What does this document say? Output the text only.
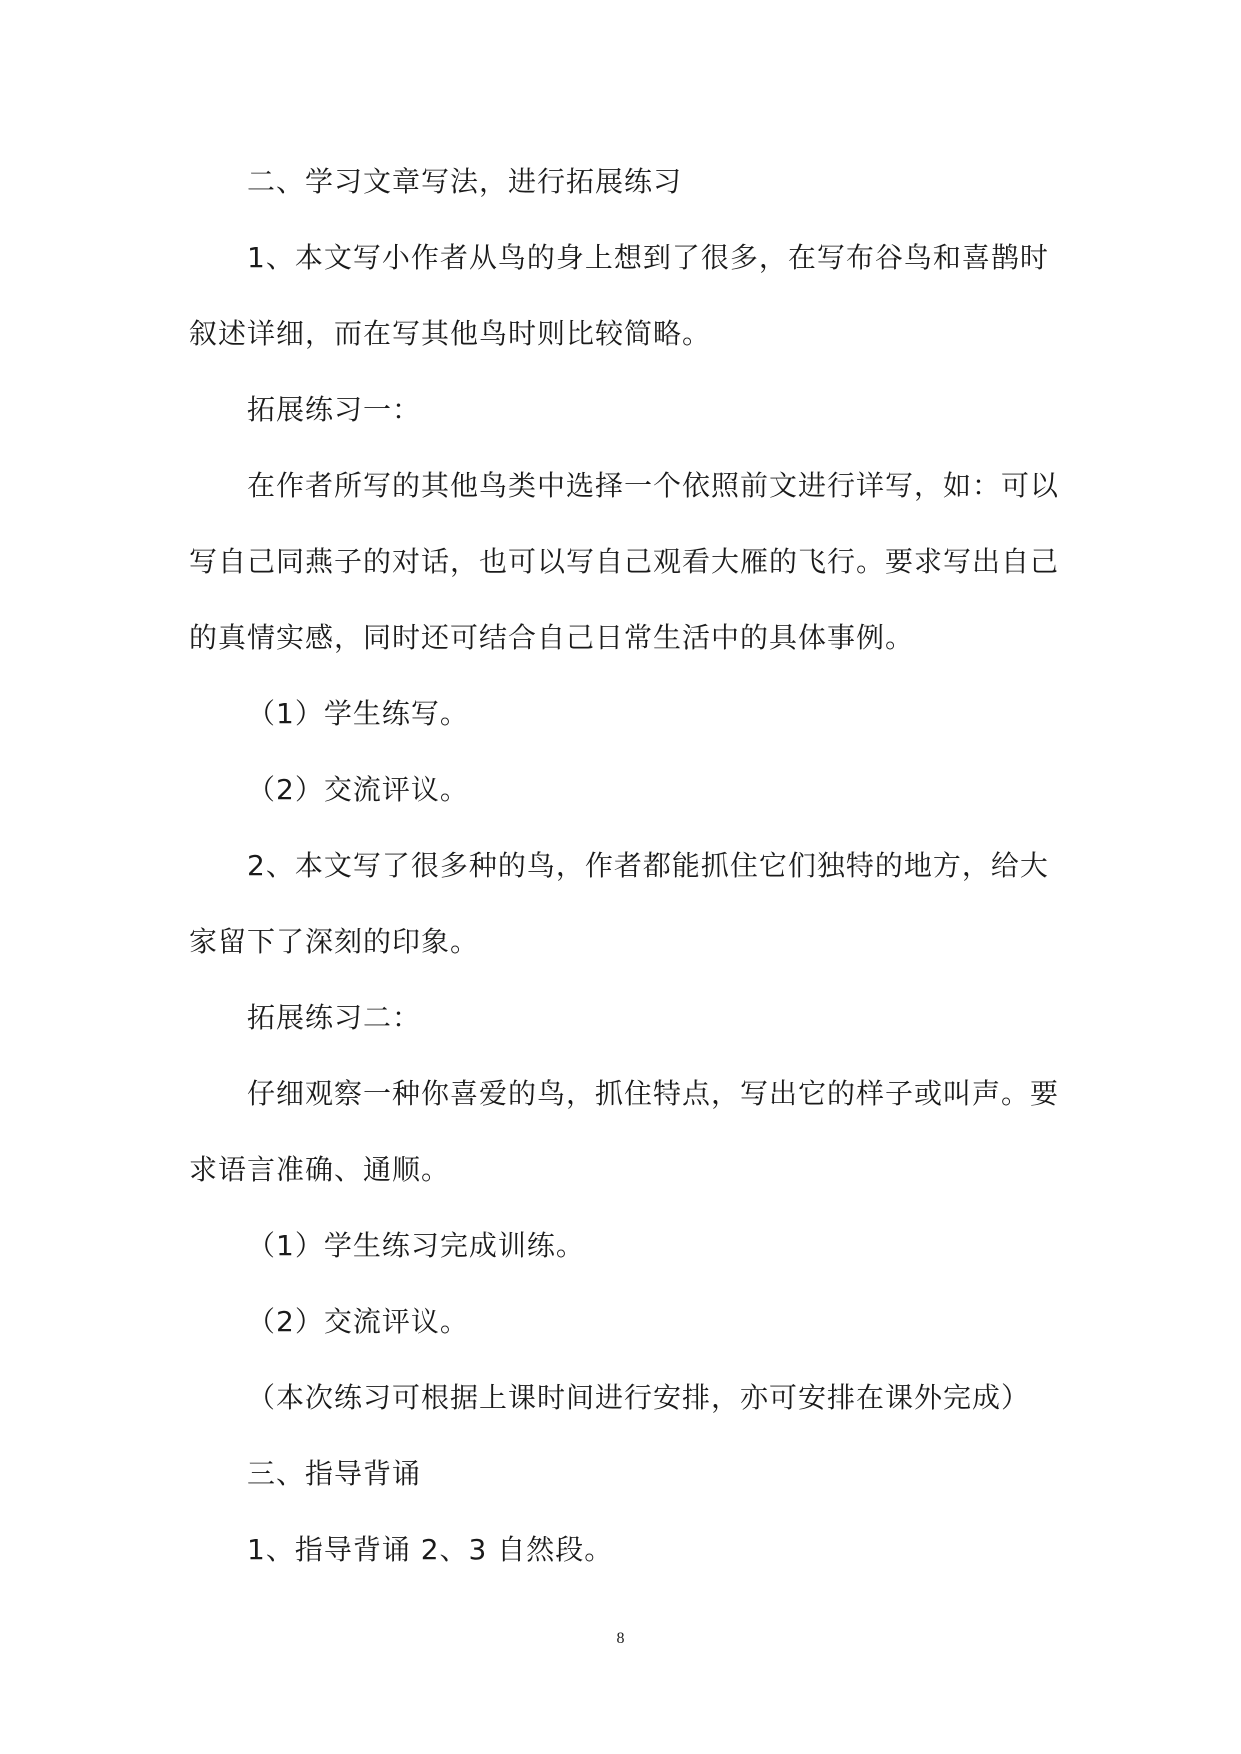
二、学习文章写法，进行拓展练习

1、本文写小作者从鸟的身上想到了很多，在写布谷鸟和喜鹊时叙述详细，而在写其他鸟时则比较简略。

拓展练习一：

在作者所写的其他鸟类中选择一个依照前文进行详写，如：可以写自己同燕子的对话，也可以写自己观看大雁的飞行。要求写出自己的真情实感，同时还可结合自己日常生活中的具体事例。

（1）学生练写。

（2）交流评议。

2、本文写了很多种的鸟，作者都能抓住它们独特的地方，给大家留下了深刻的印象。

拓展练习二：

仔细观察一种你喜爱的鸟，抓住特点，写出它的样子或叫声。要求语言准确、通顺。

（1）学生练习完成训练。

（2）交流评议。

（本次练习可根据上课时间进行安排，亦可安排在课外完成）

三、指导背诵

1、指导背诵 2、3 自然段。

8
